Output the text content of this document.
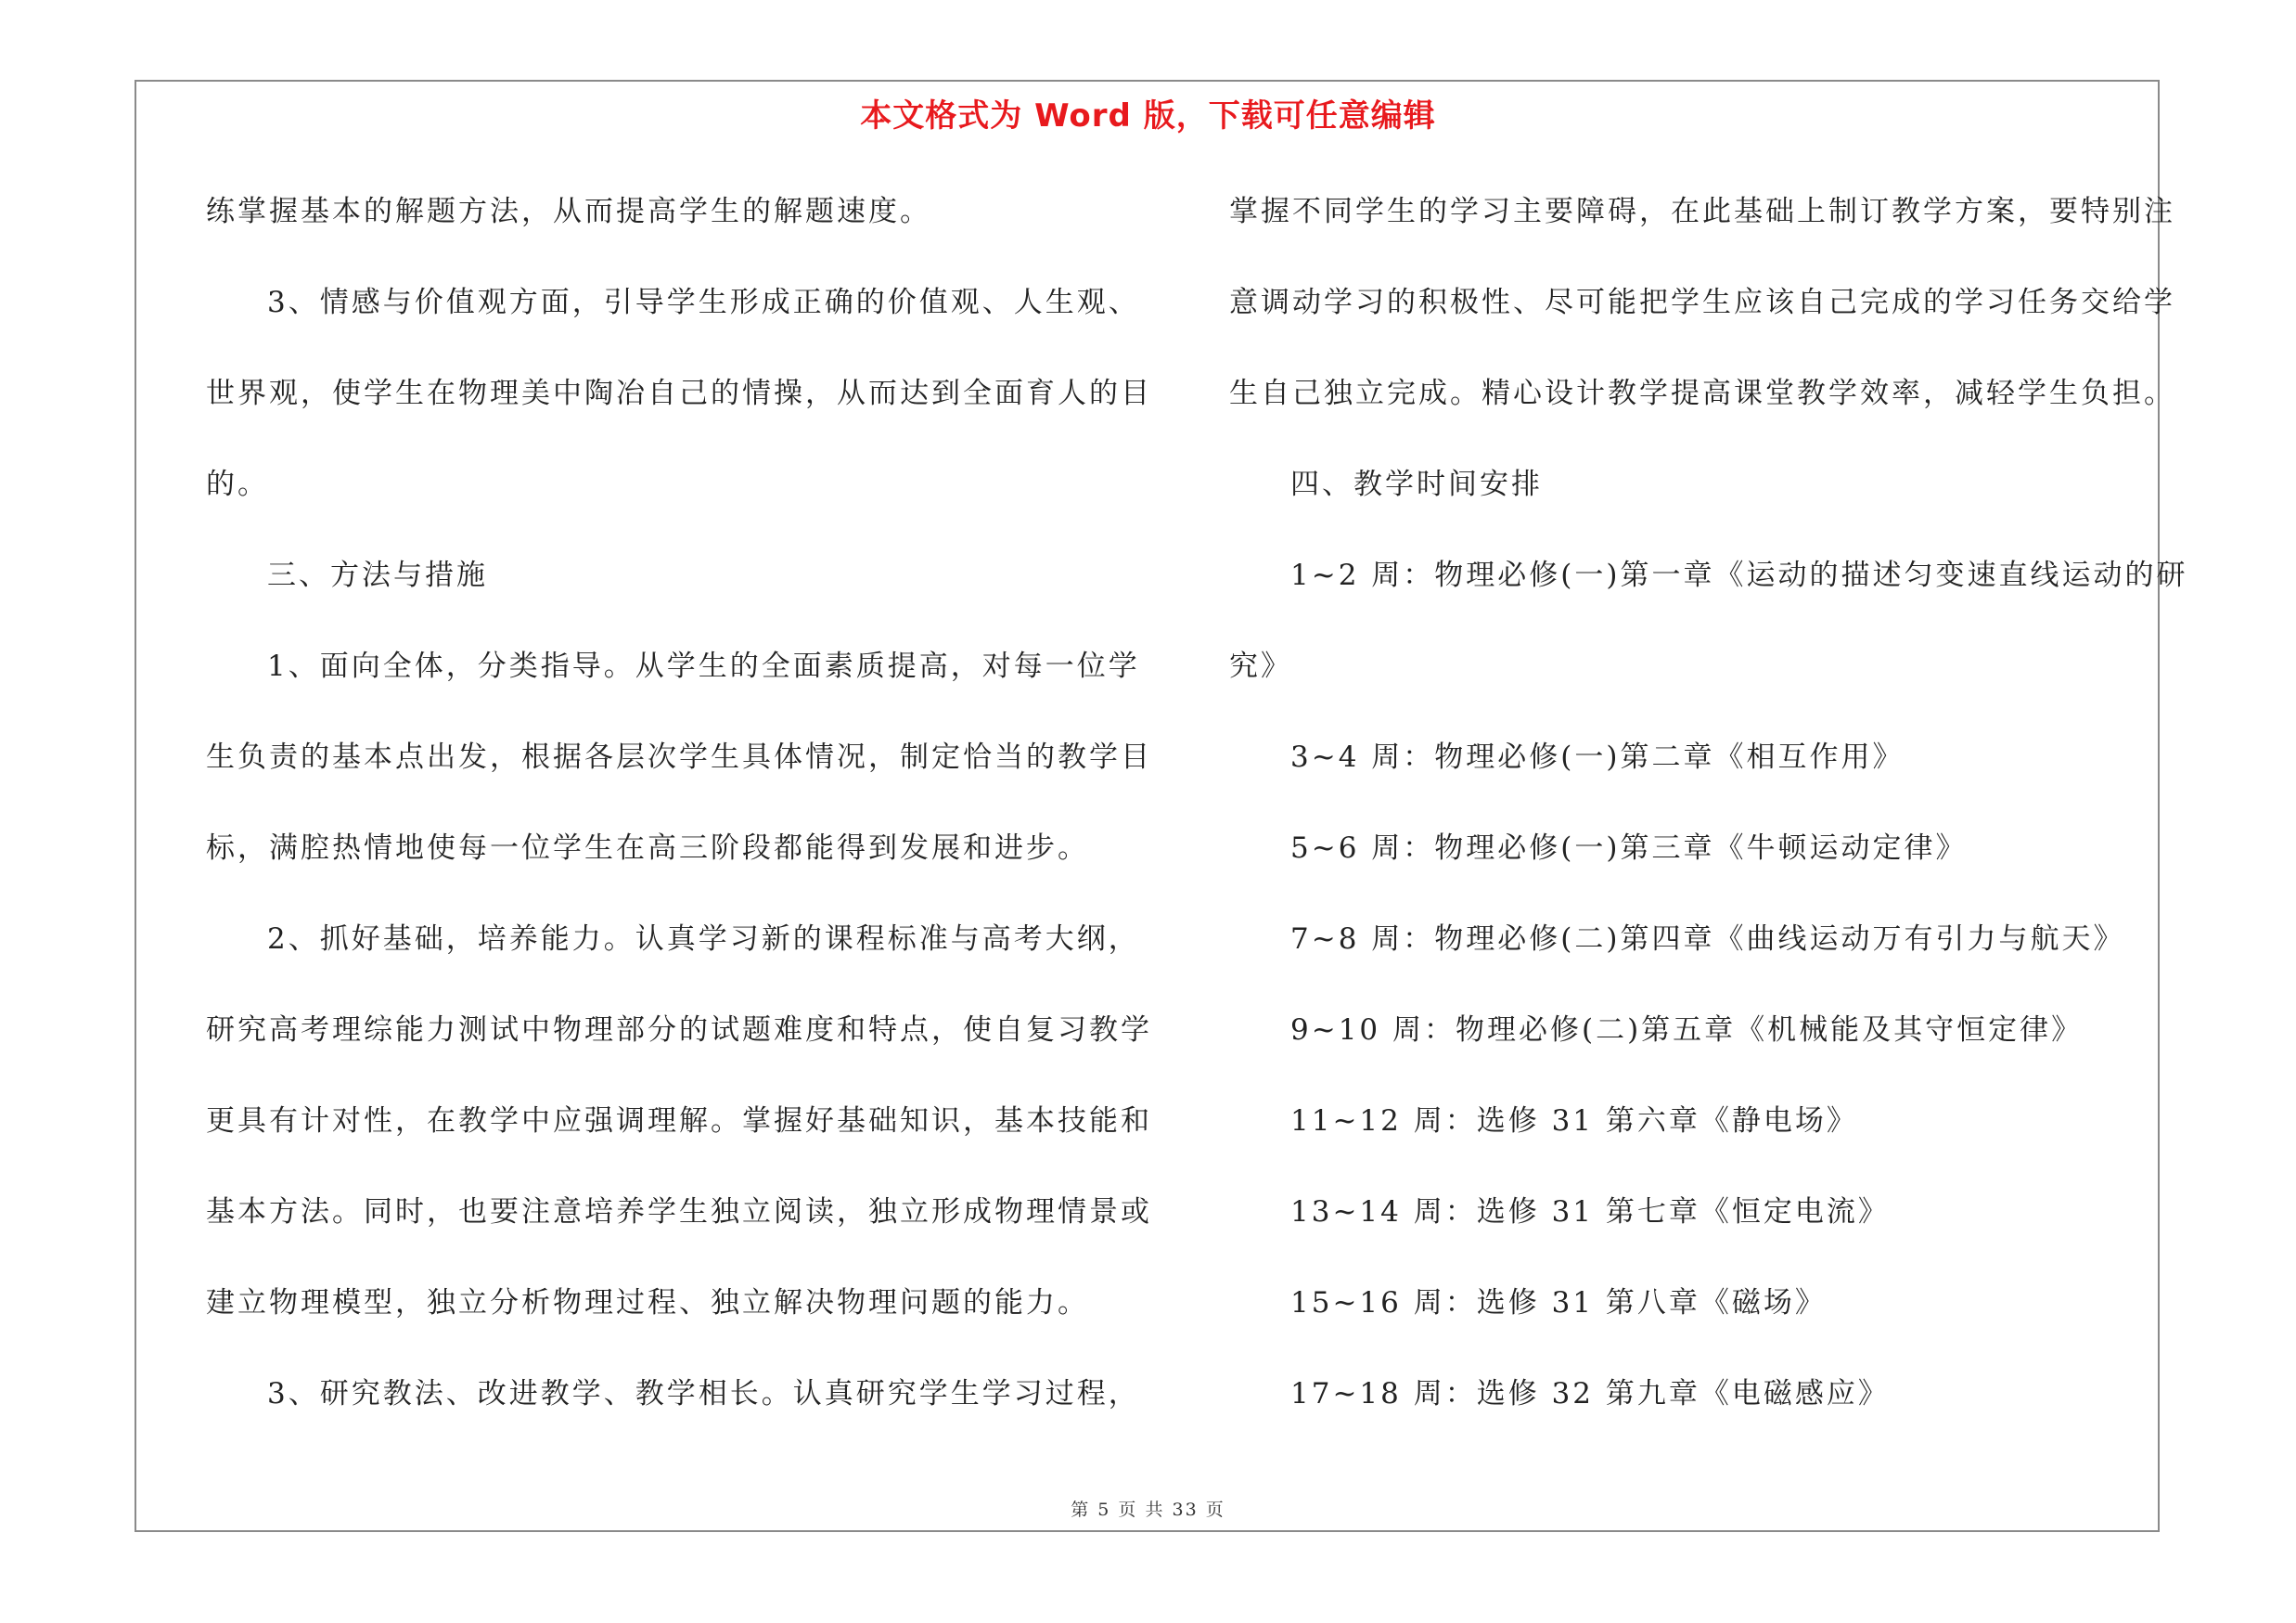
本文格式为 Word 版，下载可任意编辑
练掌握基本的解题方法，从而提高学生的解题速度。
3、情感与价值观方面，引导学生形成正确的价值观、人生观、
世界观，使学生在物理美中陶冶自己的情操，从而达到全面育人的目
的。
三、方法与措施
1、面向全体，分类指导。从学生的全面素质提高，对每一位学
生负责的基本点出发，根据各层次学生具体情况，制定恰当的教学目
标，满腔热情地使每一位学生在高三阶段都能得到发展和进步。
2、抓好基础，培养能力。认真学习新的课程标准与高考大纲，
研究高考理综能力测试中物理部分的试题难度和特点，使自复习教学
更具有计对性，在教学中应强调理解。掌握好基础知识，基本技能和
基本方法。同时，也要注意培养学生独立阅读，独立形成物理情景或
建立物理模型，独立分析物理过程、独立解决物理问题的能力。
3、研究教法、改进教学、教学相长。认真研究学生学习过程，
掌握不同学生的学习主要障碍，在此基础上制订教学方案，要特别注
意调动学习的积极性、尽可能把学生应该自己完成的学习任务交给学
生自己独立完成。精心设计教学提高课堂教学效率，减轻学生负担。
四、教学时间安排
1~2 周：物理必修(一)第一章《运动的描述匀变速直线运动的研
究》
3~4 周：物理必修(一)第二章《相互作用》
5~6 周：物理必修(一)第三章《牛顿运动定律》
7~8 周：物理必修(二)第四章《曲线运动万有引力与航天》
9~10 周：物理必修(二)第五章《机械能及其守恒定律》
11~12 周：选修 31 第六章《静电场》
13~14 周：选修 31 第七章《恒定电流》
15~16 周：选修 31 第八章《磁场》
17~18 周：选修 32 第九章《电磁感应》
第 5 页 共 33 页
